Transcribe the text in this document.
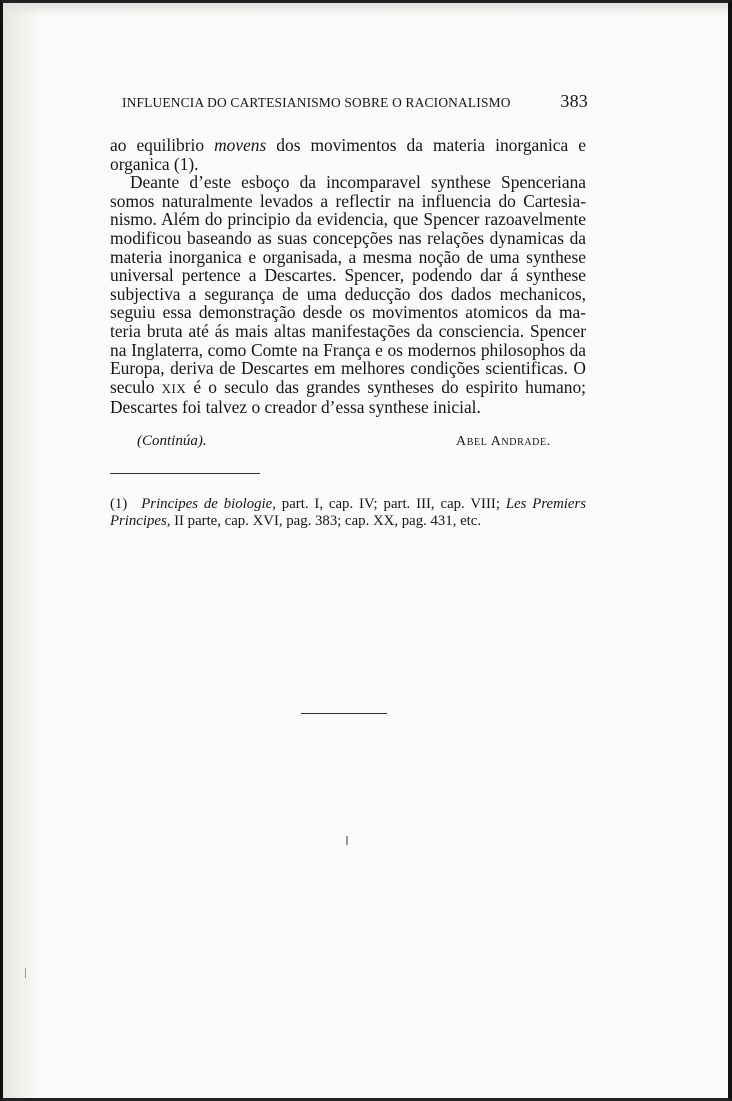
INFLUENCIA DO CARTESIANISMO SOBRE O RACIONALISMO	383

ao equilibrio movens dos movimentos da materia inorganica e organica (1).

Deante d’este esboço da incomparavel synthese Spenceriana somos naturalmente levados a reflectir na influencia do Cartesianismo. Além do principio da evidencia, que Spencer razoavelmente modificou baseando as suas concepções nas relações dynamicas da materia inorganica e organisada, a mesma noção de uma synthese universal pertence a Descartes. Spencer, podendo dar á synthese subjectiva a segurança de uma deducção dos dados mechanicos, seguiu essa demonstração desde os movimentos atomicos da materia bruta até ás mais altas manifestações da consciencia. Spencer na Inglaterra, como Comte na França e os modernos philosophos da Europa, deriva de Descartes em melhores condições scientificas. O seculo XIX é o seculo das grandes syntheses do espirito humano; Descartes foi talvez o creador d’essa synthese inicial.

(Continúa).	Abel Andrade.
(1) Principes de biologie, part. I, cap. IV; part. III, cap. VIII; Les Premiers Principes, II parte, cap. XVI, pag. 383; cap. XX, pag. 431, etc.
